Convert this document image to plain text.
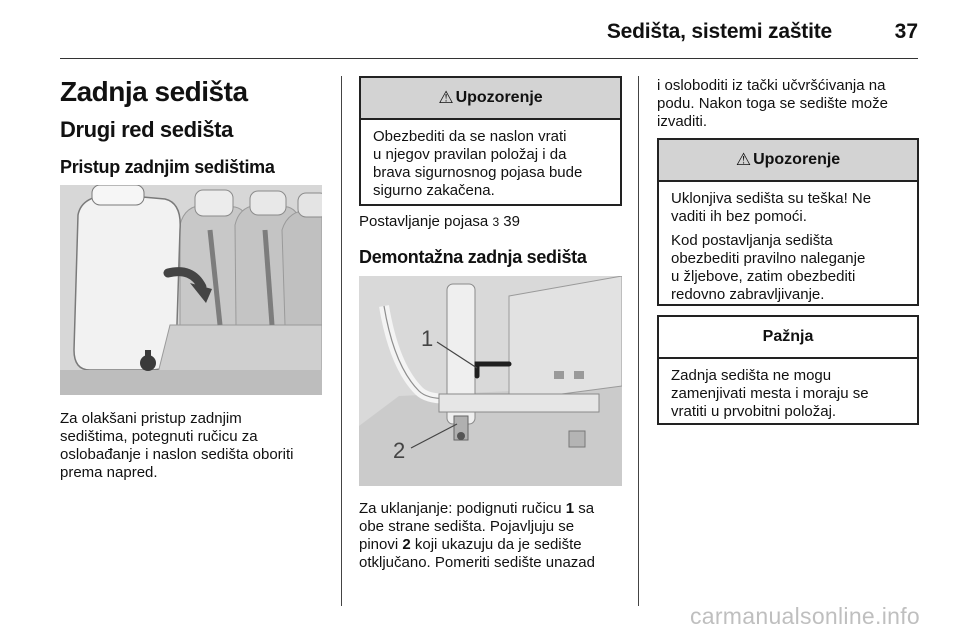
Sedišta, sistemi zaštite	37
Zadnja sedišta
Drugi red sedišta
Pristup zadnjim sedištima
Za olakšani pristup zadnjim
sedištima, potegnuti ručicu za
oslobađanje i naslon sedišta oboriti
prema napred.
⚠ Upozorenje

Obezbediti da se naslon vrati
u njegov pravilan položaj i da
brava sigurnosnog pojasa bude
sigurno zakačena.

Postavljanje pojasa 3 39
Demontažna zadnja sedišta
1
2
Za uklanjanje: podignuti ručicu 1 sa
obe strane sedišta. Pojavljuju se
pinovi 2 koji ukazuju da je sedište
otključano. Pomeriti sedište unazad
i osloboditi iz tački učvršćivanja na
podu. Nakon toga se sedište može
izvaditi.
⚠ Upozorenje

Uklonjiva sedišta su teška! Ne
vaditi ih bez pomoći.

Kod postavljanja sedišta
obezbediti pravilno naleganje
u žljebove, zatim obezbediti
redovno zabravljivanje.

Pažnja

Zadnja sedišta ne mogu
zamenjivati mesta i moraju se
vratiti u prvobitni položaj.

carmanualsonline.info
